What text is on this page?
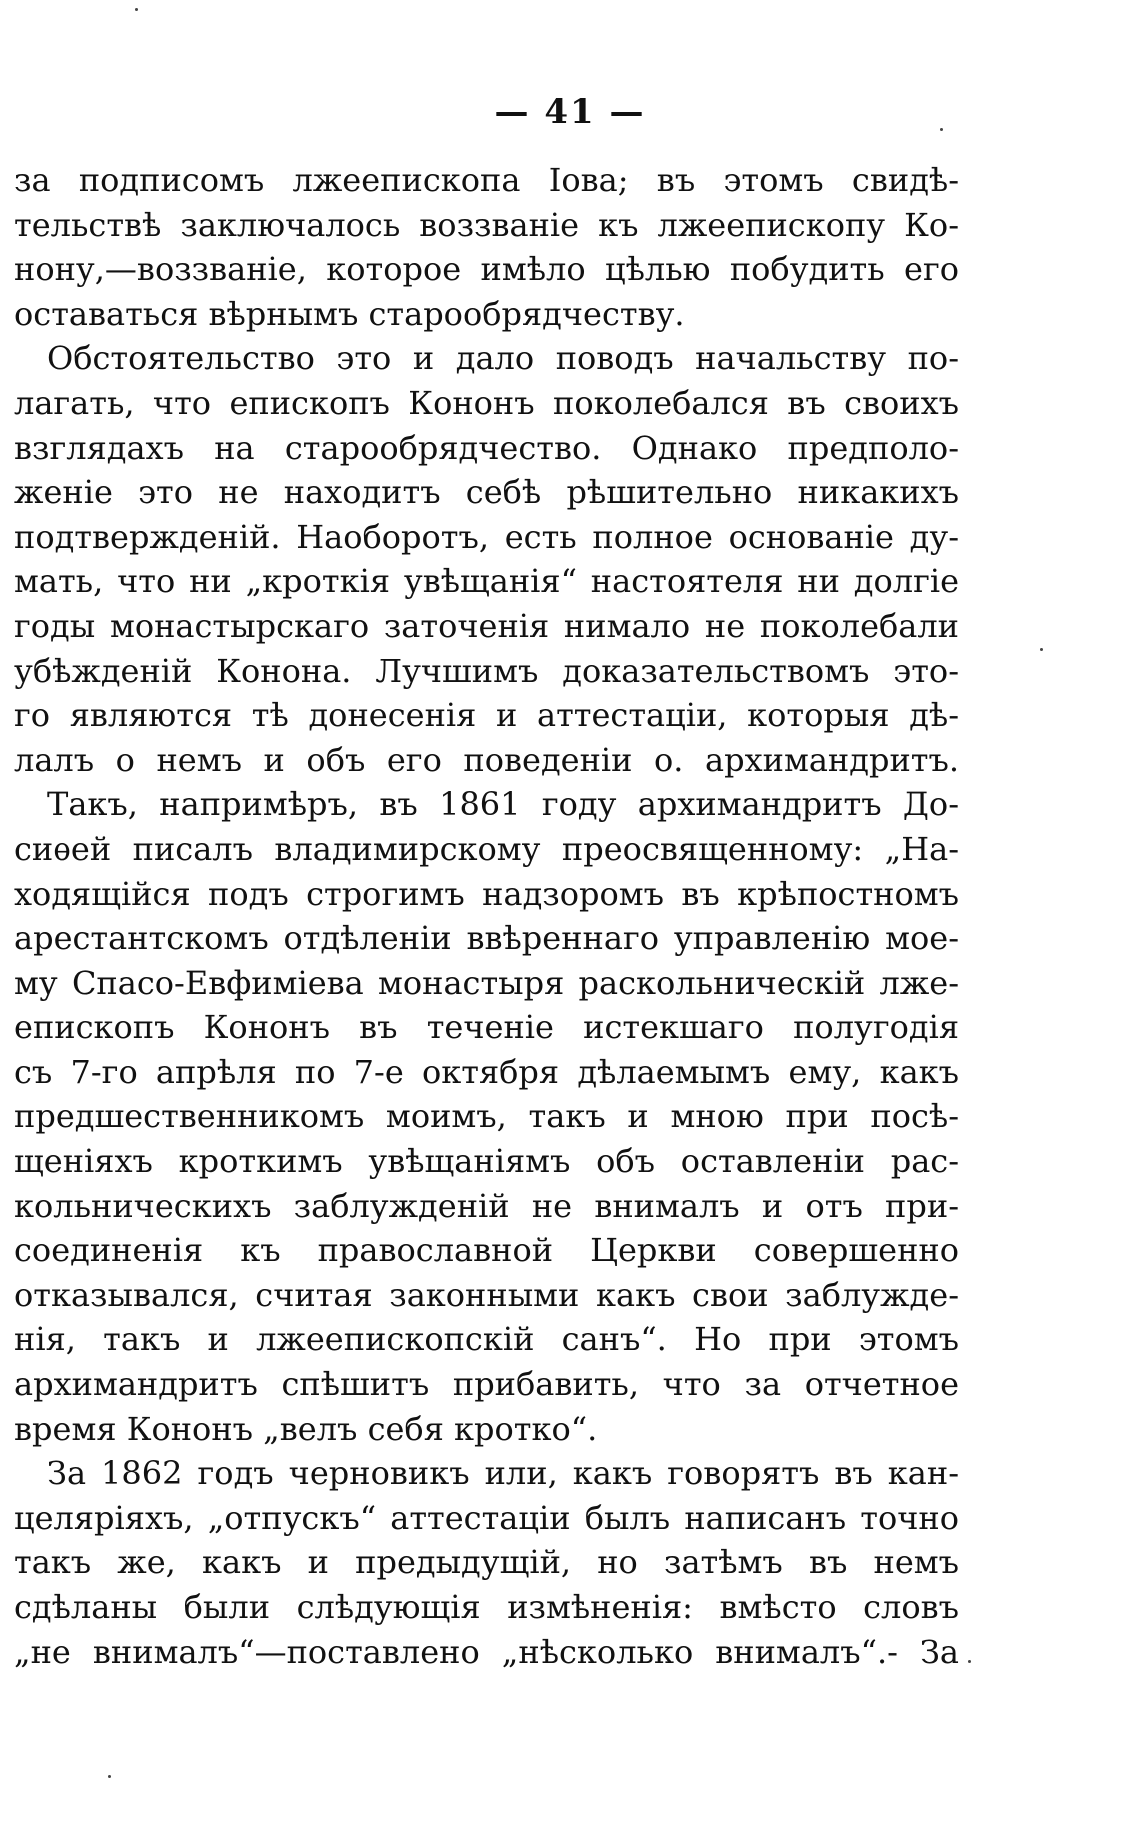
— 41 —
за подписомъ лжеепископа Іова; въ этомъ свидѣ-
тельствѣ заключалось воззваніе къ лжеепископу Ко-
нону,—воззваніе, которое имѣло цѣлью побудить его
оставаться вѣрнымъ старообрядчеству.
Обстоятельство это и дало поводъ начальству по-
лагать, что епископъ Кононъ поколебался въ своихъ
взглядахъ на старообрядчество. Однако предполо-
женіе это не находитъ себѣ рѣшительно никакихъ
подтвержденій. Наоборотъ, есть полное основаніе ду-
мать, что ни „кроткія увѣщанія“ настоятеля ни долгіе
годы монастырскаго заточенія нимало не поколебали
убѣжденій Конона. Лучшимъ доказательствомъ это-
го являются тѣ донесенія и аттестаціи, которыя дѣ-
лалъ о немъ и объ его поведеніи о. архимандритъ.
Такъ, напримѣръ, въ 1861 году архимандритъ До-
сиѳей писалъ владимирскому преосвященному: „На-
ходящійся подъ строгимъ надзоромъ въ крѣпостномъ
арестантскомъ отдѣленіи ввѣреннаго управленію мое-
му Спасо-Евфиміева монастыря раскольническій лже-
епископъ Кононъ въ теченіе истекшаго полугодія
съ 7-го апрѣля по 7-е октября дѣлаемымъ ему, какъ
предшественникомъ моимъ, такъ и мною при посѣ-
щеніяхъ кроткимъ увѣщаніямъ объ оставленіи рас-
кольническихъ заблужденій не внималъ и отъ при-
соединенія къ православной Церкви совершенно
отказывался, считая законными какъ свои заблужде-
нія, такъ и лжеепископскій санъ“. Но при этомъ
архимандритъ спѣшитъ прибавить, что за отчетное
время Кононъ „велъ себя кротко“.
За 1862 годъ черновикъ или, какъ говорятъ въ кан-
целяріяхъ, „отпускъ“ аттестаціи былъ написанъ точно
такъ же, какъ и предыдущій, но затѣмъ въ немъ
сдѣланы были слѣдующія измѣненія: вмѣсто словъ
„не внималъ“—поставлено „нѣсколько внималъ“.- За
